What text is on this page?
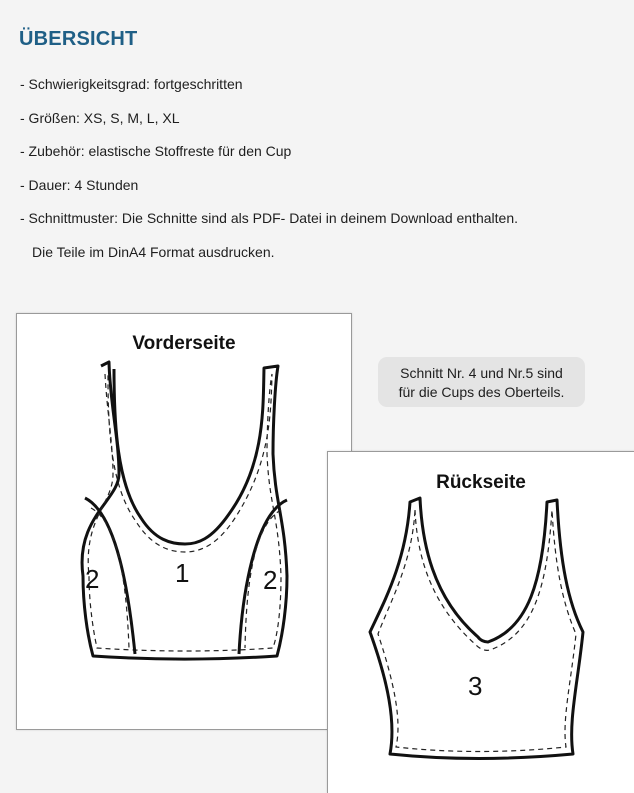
ÜBERSICHT
- Schwierigkeitsgrad: fortgeschritten
- Größen: XS, S, M, L, XL
- Zubehör: elastische Stoffreste für den Cup
- Dauer: 4 Stunden
- Schnittmuster: Die Schnitte sind als PDF- Datei in deinem Download enthalten.
Die Teile im DinA4 Format ausdrucken.
Vorderseite
2	1	2
Schnitt Nr. 4 und Nr.5 sind
für die Cups des Oberteils.
Rückseite
3
